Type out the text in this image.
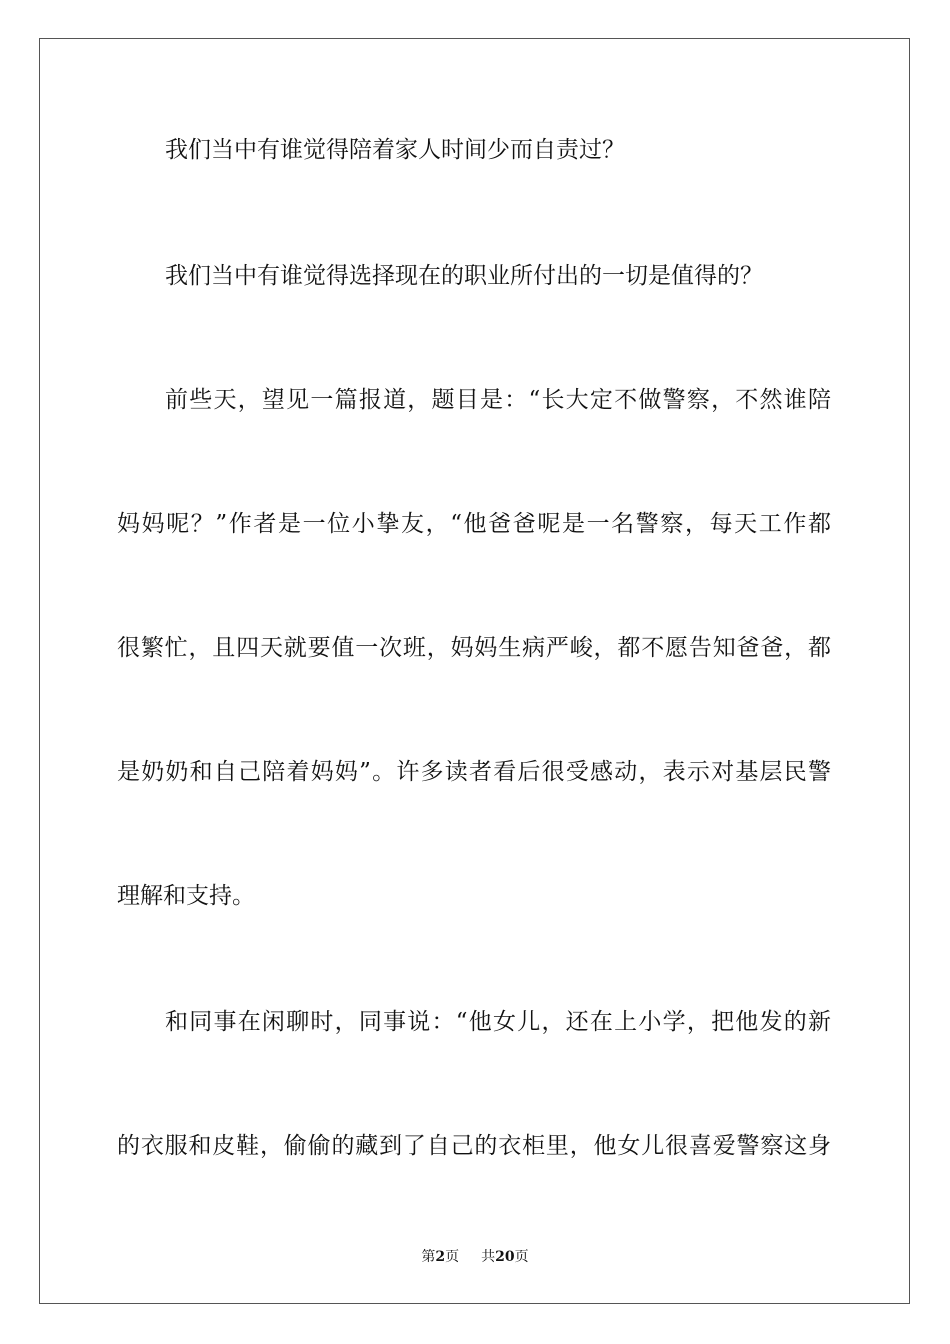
我们当中有谁觉得陪着家人时间少而自责过？
我们当中有谁觉得选择现在的职业所付出的一切是值得的？
前些天，望见一篇报道，题目是：“长大定不做警察，不然谁陪
妈妈呢？”作者是一位小挚友，“他爸爸呢是一名警察，每天工作都
很繁忙，且四天就要值一次班，妈妈生病严峻，都不愿告知爸爸，都
是奶奶和自己陪着妈妈”。许多读者看后很受感动，表示对基层民警
理解和支持。
和同事在闲聊时，同事说：“他女儿，还在上小学，把他发的新
的衣服和皮鞋，偷偷的藏到了自己的衣柜里，他女儿很喜爱警察这身
第2页 共20页
